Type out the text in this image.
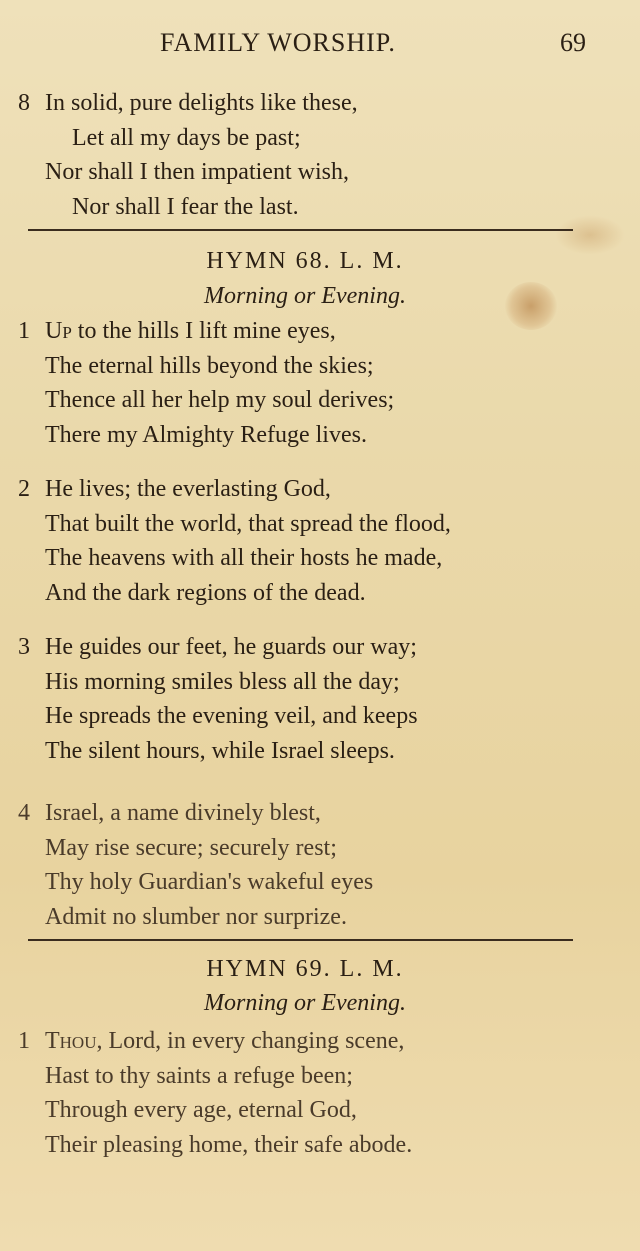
FAMILY WORSHIP.	69
8 In solid, pure delights like these,
Let all my days be past;
Nor shall I then impatient wish,
Nor shall I fear the last.
HYMN 68. L. M.
Morning or Evening.
1 Up to the hills I lift mine eyes,
The eternal hills beyond the skies;
Thence all her help my soul derives;
There my Almighty Refuge lives.
2 He lives; the everlasting God,
That built the world, that spread the flood,
The heavens with all their hosts he made,
And the dark regions of the dead.
3 He guides our feet, he guards our way;
His morning smiles bless all the day;
He spreads the evening veil, and keeps
The silent hours, while Israel sleeps.
4 Israel, a name divinely blest,
May rise secure; securely rest;
Thy holy Guardian's wakeful eyes
Admit no slumber nor surprize.
HYMN 69. L. M.
Morning or Evening.
1 Thou, Lord, in every changing scene,
Hast to thy saints a refuge been;
Through every age, eternal God,
Their pleasing home, their safe abode.
